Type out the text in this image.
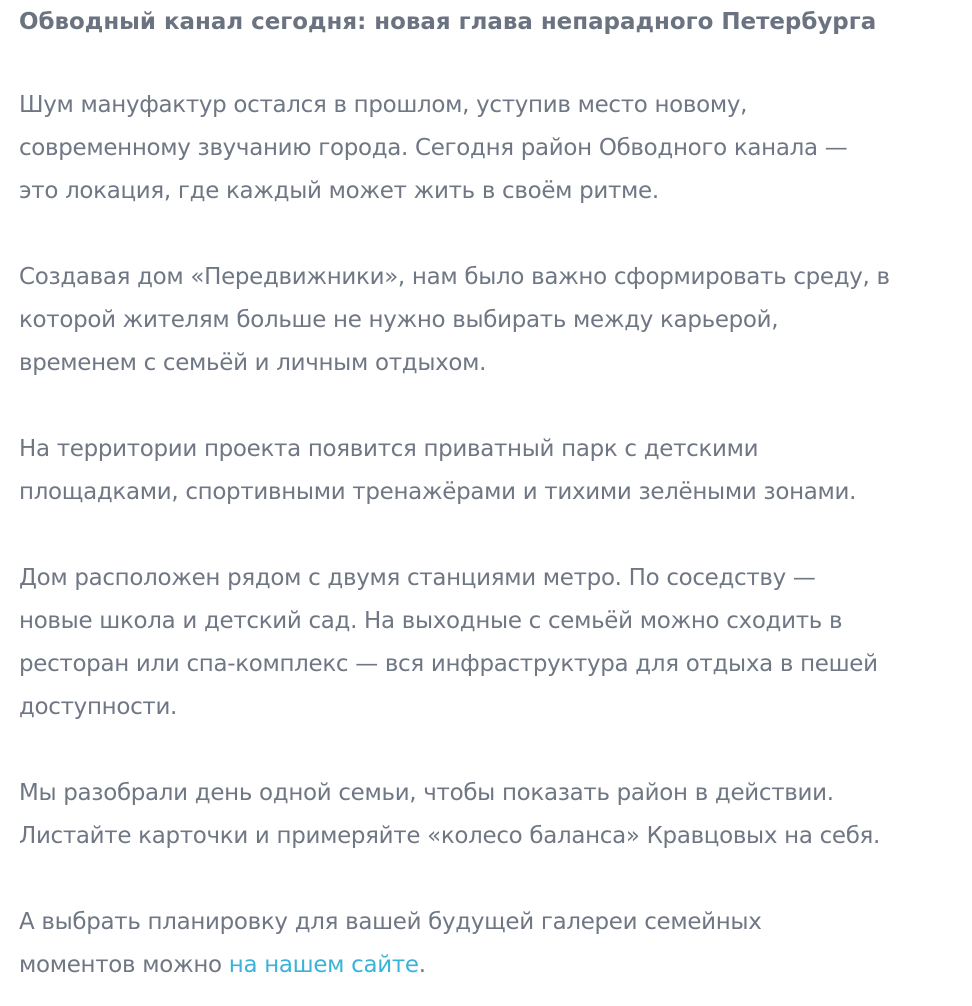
Обводный канал сегодня: новая глава непарадного Петербурга

Шум мануфактур остался в прошлом, уступив место новому,
современному звучанию города. Сегодня район Обводного канала —
это локация, где каждый может жить в своём ритме.

Создавая дом «Передвижники», нам было важно сформировать среду, в
которой жителям больше не нужно выбирать между карьерой,
временем с семьёй и личным отдыхом.

На территории проекта появится приватный парк с детскими
площадками, спортивными тренажёрами и тихими зелёными зонами.

Дом расположен рядом с двумя станциями метро. По соседству —
новые школа и детский сад. На выходные с семьёй можно сходить в
ресторан или спа-комплекс — вся инфраструктура для отдыха в пешей
доступности.

Мы разобрали день одной семьи, чтобы показать район в действии.
Листайте карточки и примеряйте «колесо баланса» Кравцовых на себя.

А выбрать планировку для вашей будущей галереи семейных
моментов можно на нашем сайте.
